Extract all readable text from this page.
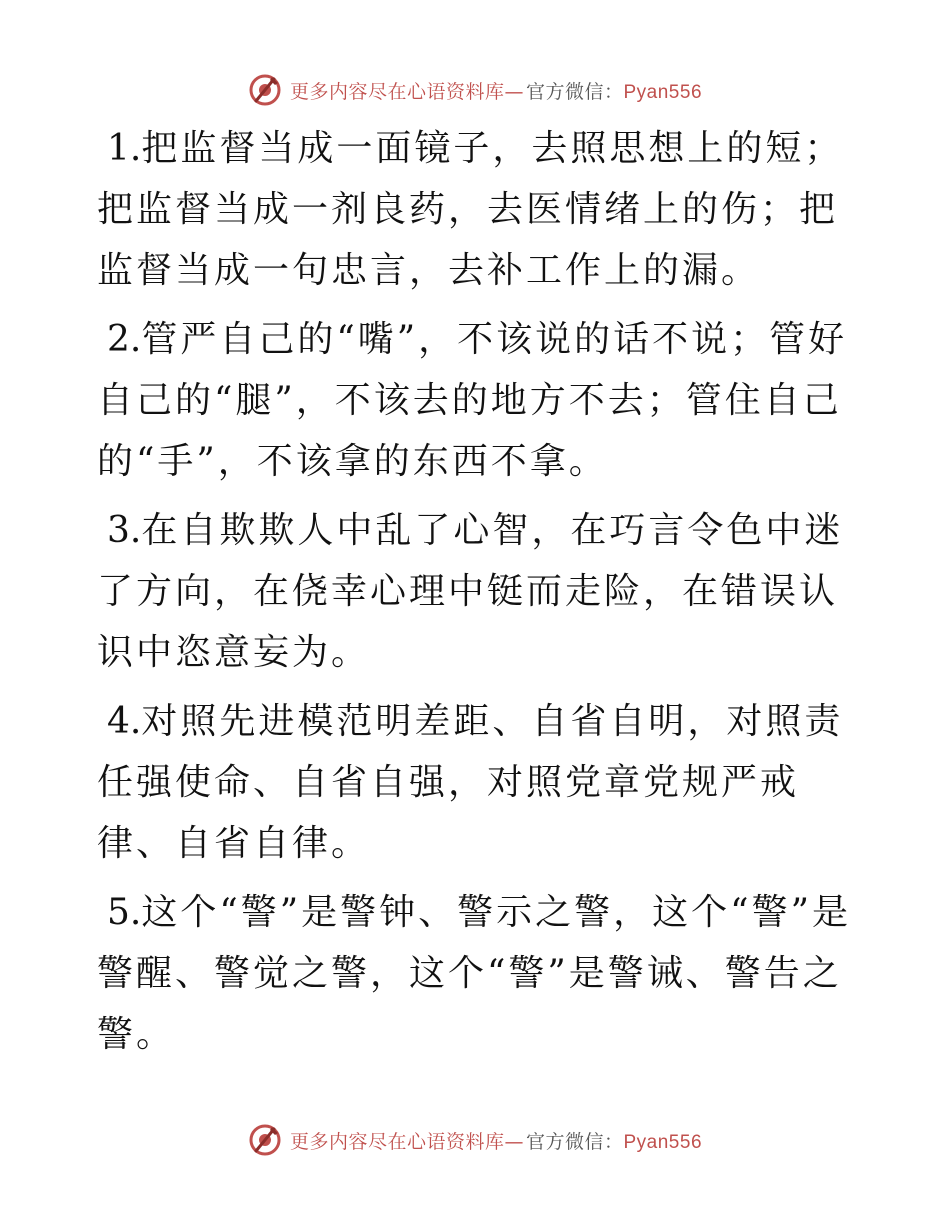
更多内容尽在心语资料库— 官方微信：Pyan556

1.把监督当成一面镜子，去照思想上的短；把监督当成一剂良药，去医情绪上的伤；把监督当成一句忠言，去补工作上的漏。

2.管严自己的“嘴”，不该说的话不说；管好自己的“腿”，不该去的地方不去；管住自己的“手”，不该拿的东西不拿。

3.在自欺欺人中乱了心智，在巧言令色中迷了方向，在侥幸心理中铤而走险，在错误认识中恣意妄为。

4.对照先进模范明差距、自省自明，对照责任强使命、自省自强，对照党章党规严戒律、自省自律。

5.这个“警”是警钟、警示之警，这个“警”是警醒、警觉之警，这个“警”是警诫、警告之警。

更多内容尽在心语资料库— 官方微信：Pyan556
